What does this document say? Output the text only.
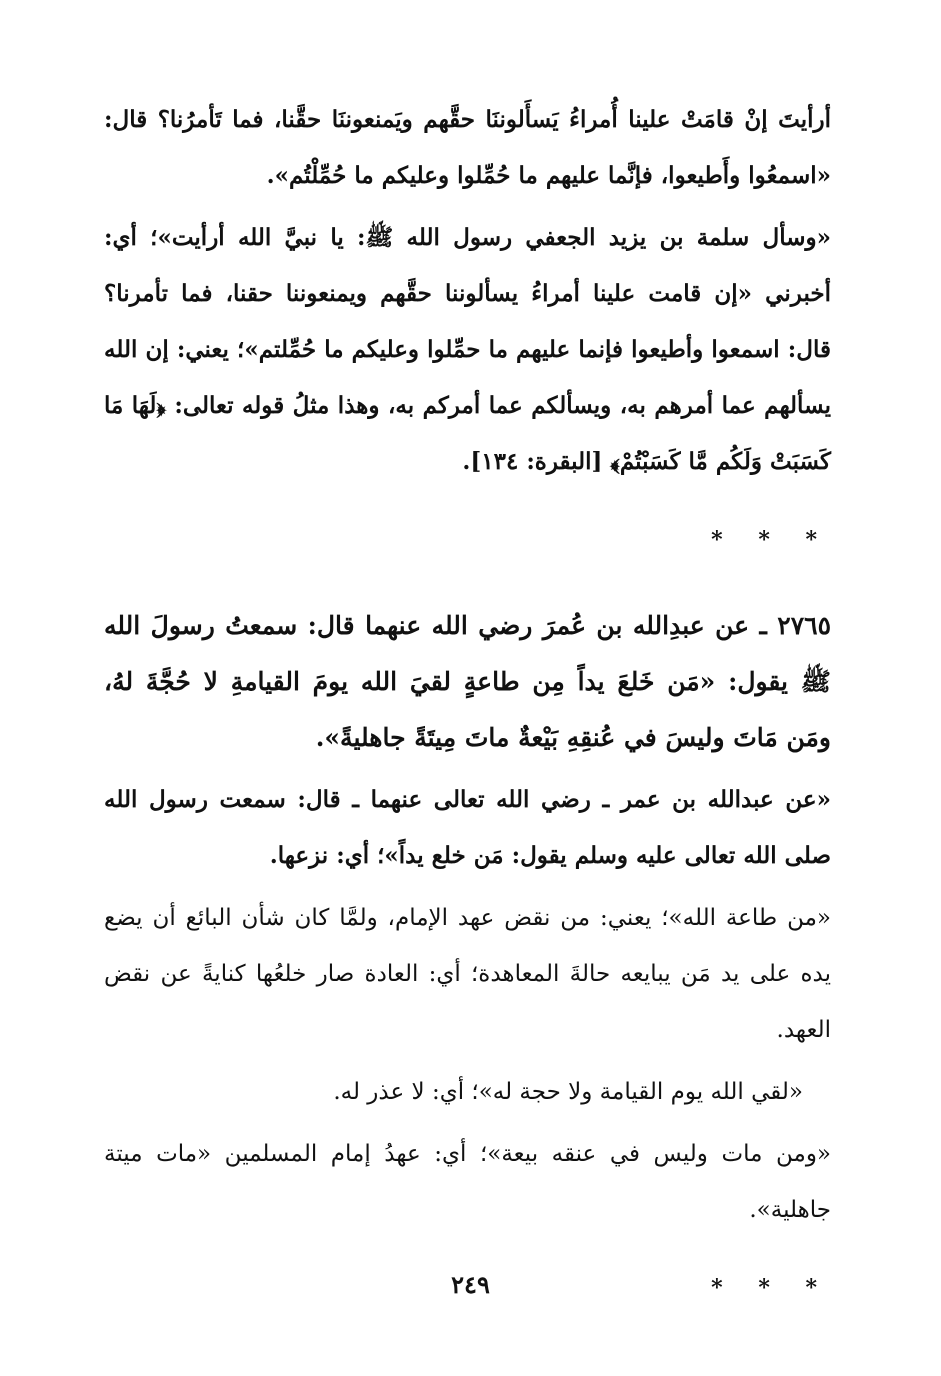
أرأيتَ إنْ قامَتْ علينا أُمراءُ يَسأَلوننَا حقَّهم ويَمنعوننَا حقَّنا، فما تَأمرُنا؟ قال: «اسمعُوا وأَطيعوا، فإنَّما عليهم ما حُمِّلوا وعليكم ما حُمِّلْتُم».

«وسأل سلمة بن يزيد الجعفي رسول الله ﷺ: يا نبيَّ الله أرأيت»؛ أي: أخبرني «إن قامت علينا أمراءُ يسألوننا حقَّهم ويمنعوننا حقنا، فما تأمرنا؟ قال: اسمعوا وأطيعوا فإنما عليهم ما حمِّلوا وعليكم ما حُمِّلتم»؛ يعني: إن الله يسألهم عما أمرهم به، ويسألكم عما أمركم به، وهذا مثلُ قوله تعالى: ﴿لَهَا مَا كَسَبَتْ وَلَكُم مَّا كَسَبْتُمْ﴾ [البقرة: ١٣٤].

* * *

٢٧٦٥ ـ عن عبدِالله بن عُمرَ رضي الله عنهما قال: سمعتُ رسولَ الله ﷺ يقول: «مَن خَلعَ يداً مِن طاعةٍ لقيَ الله يومَ القيامةِ لا حُجَّةَ لهُ، ومَن مَاتَ وليسَ في عُنقِهِ بَيْعةٌ ماتَ مِيتَةً جاهليةً».

«عن عبدالله بن عمر ـ رضي الله تعالى عنهما ـ قال: سمعت رسول الله صلى الله تعالى عليه وسلم يقول: مَن خلع يداً»؛ أي: نزعها.

«من طاعة الله»؛ يعني: من نقض عهد الإمام، ولمَّا كان شأن البائع أن يضع يده على يد مَن يبايعه حالةَ المعاهدة؛ أي: العادة صار خلعُها كنايةً عن نقض العهد.

«لقي الله يوم القيامة ولا حجة له»؛ أي: لا عذر له.

«ومن مات وليس في عنقه بيعة»؛ أي: عهدُ إمام المسلمين «مات ميتة جاهلية».

* * *
٢٤٩
